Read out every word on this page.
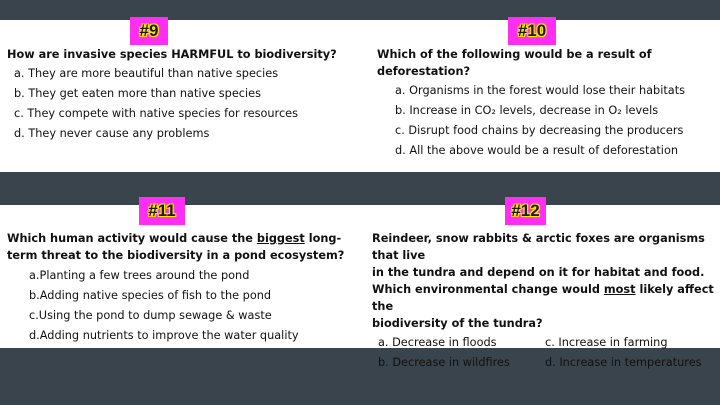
#9	#10
#11	#12
How are invasive species HARMFUL to biodiversity?
a. They are more beautiful than native species
b. They get eaten more than native species
c. They compete with native species for resources
d. They never cause any problems
Which of the following would be a result of deforestation?
a. Organisms in the forest would lose their habitats
b. Increase in CO₂ levels, decrease in O₂ levels
c. Disrupt food chains by decreasing the producers
d. All the above would be a result of deforestation
Which human activity would cause the biggest long-
term threat to the biodiversity in a pond ecosystem?
a.Planting a few trees around the pond
b.Adding native species of fish to the pond
c.Using the pond to dump sewage & waste
d.Adding nutrients to improve the water quality
Reindeer, snow rabbits & arctic foxes are organisms that live
in the tundra and depend on it for habitat and food.
Which environmental change would most likely affect the
biodiversity of the tundra?
a. Decrease in floods
b. Decrease in wildfires
c. Increase in farming
d. Increase in temperatures
